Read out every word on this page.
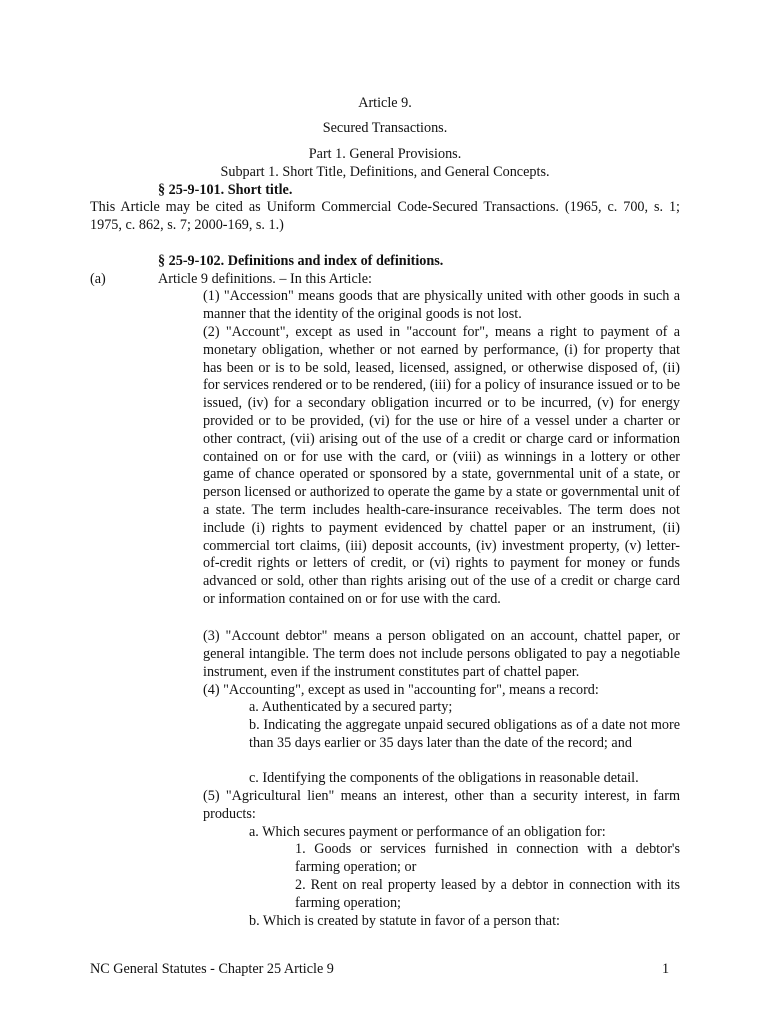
Article 9.
Secured Transactions.
Part 1. General Provisions.
Subpart 1. Short Title, Definitions, and General Concepts.
§ 25-9-101. Short title.

This Article may be cited as Uniform Commercial Code-Secured Transactions. (1965, c. 700, s. 1; 1975, c. 862, s. 7; 2000-169, s. 1.)

§ 25-9-102. Definitions and index of definitions.
(a)	Article 9 definitions. – In this Article:

(1) "Accession" means goods that are physically united with other goods in such a manner that the identity of the original goods is not lost.

(2) "Account", except as used in "account for", means a right to payment of a monetary obligation, whether or not earned by performance, (i) for property that has been or is to be sold, leased, licensed, assigned, or otherwise disposed of, (ii) for services rendered or to be rendered, (iii) for a policy of insurance issued or to be issued, (iv) for a secondary obligation incurred or to be incurred, (v) for energy provided or to be provided, (vi) for the use or hire of a vessel under a charter or other contract, (vii) arising out of the use of a credit or charge card or information contained on or for use with the card, or (viii) as winnings in a lottery or other game of chance operated or sponsored by a state, governmental unit of a state, or person licensed or authorized to operate the game by a state or governmental unit of a state. The term includes health-care-insurance receivables. The term does not include (i) rights to payment evidenced by chattel paper or an instrument, (ii) commercial tort claims, (iii) deposit accounts, (iv) investment property, (v) letter-of-credit rights or letters of credit, or (vi) rights to payment for money or funds advanced or sold, other than rights arising out of the use of a credit or charge card or information contained on or for use with the card.

(3) "Account debtor" means a person obligated on an account, chattel paper, or general intangible. The term does not include persons obligated to pay a negotiable instrument, even if the instrument constitutes part of chattel paper.

(4) "Accounting", except as used in "accounting for", means a record:
a. Authenticated by a secured party;

b. Indicating the aggregate unpaid secured obligations as of a date not more than 35 days earlier or 35 days later than the date of the record; and

c. Identifying the components of the obligations in reasonable detail.

(5) "Agricultural lien" means an interest, other than a security interest, in farm products:

a. Which secures payment or performance of an obligation for:

1. Goods or services furnished in connection with a debtor's farming operation; or

2. Rent on real property leased by a debtor in connection with its farming operation;

b. Which is created by statute in favor of a person that:
NC General Statutes - Chapter 25 Article 9	1
